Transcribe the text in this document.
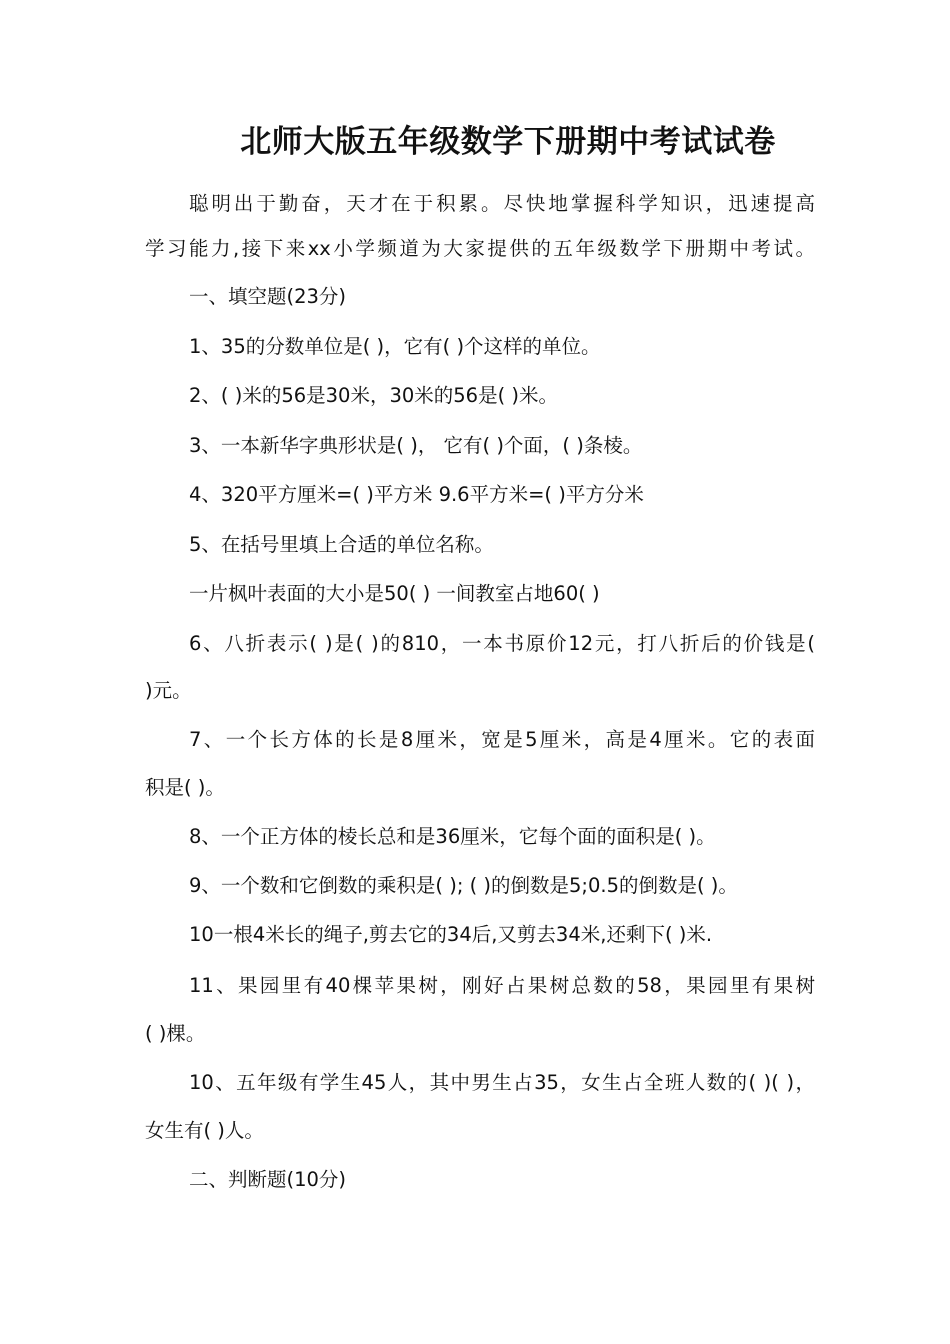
北师大版五年级数学下册期中考试试卷
聪明出于勤奋，天才在于积累。尽快地掌握科学知识，迅速提高
学习能力,接下来xx小学频道为大家提供的五年级数学下册期中考试。
一、填空题(23分)
1、35的分数单位是( )，它有( )个这样的单位。
2、( )米的56是30米，30米的56是( )米。
3、一本新华字典形状是( )， 它有( )个面，( )条棱。
4、320平方厘米=( )平方米 9.6平方米=( )平方分米
5、在括号里填上合适的单位名称。
一片枫叶表面的大小是50( ) 一间教室占地60( )
6、八折表示( )是( )的810，一本书原价12元，打八折后的价钱是(
)元。
7、一个长方体的长是8厘米，宽是5厘米，高是4厘米。它的表面
积是( )。
8、一个正方体的棱长总和是36厘米，它每个面的面积是( )。
9、一个数和它倒数的乘积是( ); ( )的倒数是5;0.5的倒数是( )。
10一根4米长的绳子,剪去它的34后,又剪去34米,还剩下( )米.
11、果园里有40棵苹果树，刚好占果树总数的58，果园里有果树
( )棵。
10、五年级有学生45人，其中男生占35，女生占全班人数的( )( )，
女生有( )人。
二、判断题(10分)
